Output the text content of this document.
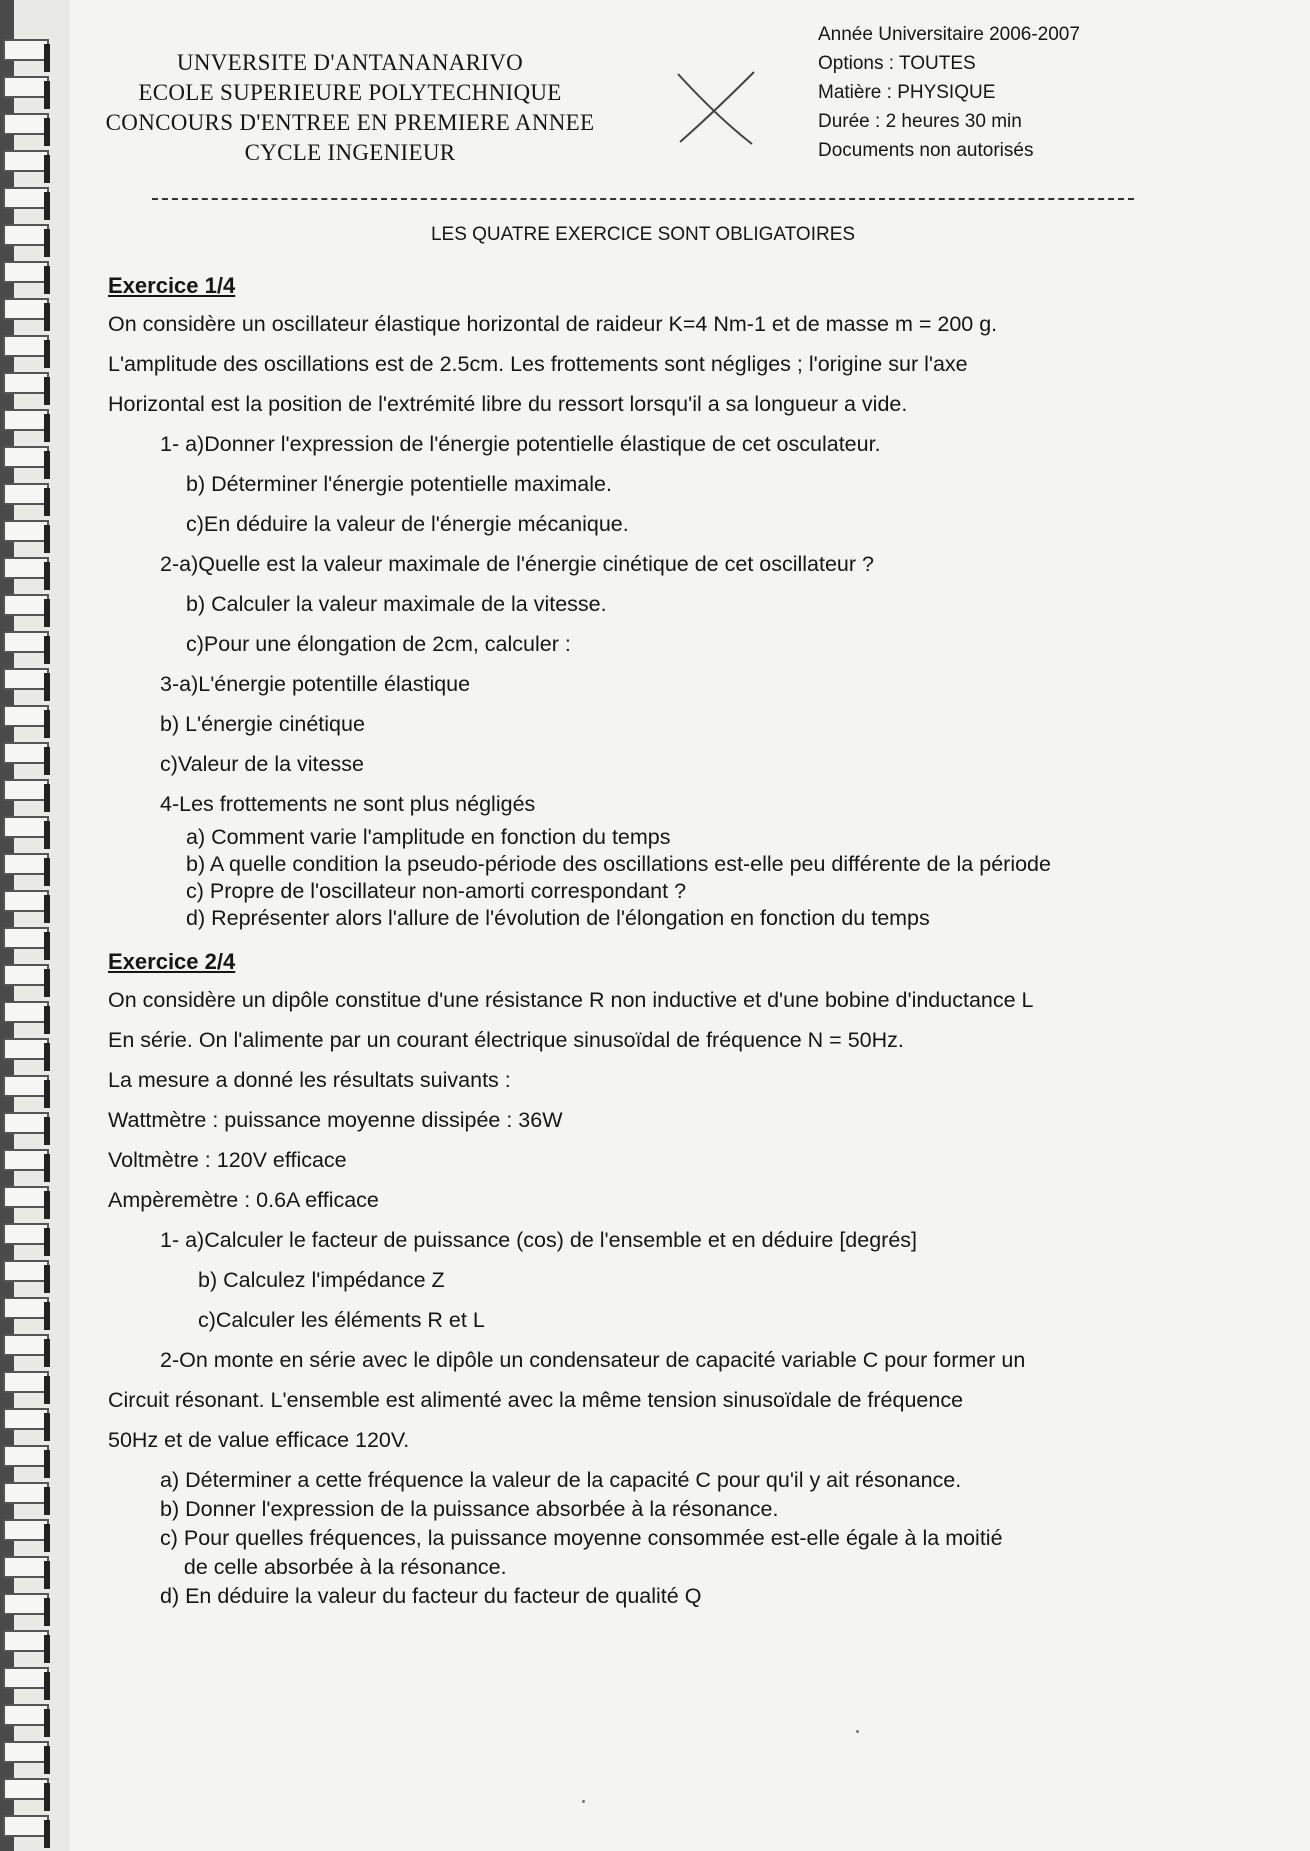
UNVERSITE D'ANTANANARIVO
ECOLE SUPERIEURE POLYTECHNIQUE
CONCOURS D'ENTREE EN PREMIERE ANNEE
CYCLE INGENIEUR
Année Universitaire 2006-2007
Options : TOUTES
Matière : PHYSIQUE
Durée : 2 heures 30 min
Documents non autorisés
LES QUATRE EXERCICE SONT OBLIGATOIRES
Exercice 1/4
On considère un oscillateur élastique horizontal de raideur K=4 Nm-1 et de masse m = 200 g.
L'amplitude des oscillations est de 2.5cm. Les frottements sont négliges ; l'origine sur l'axe
Horizontal est la position de l'extrémité libre du ressort lorsqu'il a sa longueur a vide.
1- a)Donner l'expression de l'énergie potentielle élastique de cet osculateur.
b) Déterminer l'énergie potentielle maximale.
c)En déduire la valeur de l'énergie mécanique.
2-a)Quelle est la valeur maximale de l'énergie cinétique de cet oscillateur ?
b) Calculer la valeur maximale de la vitesse.
c)Pour une élongation de 2cm, calculer :
3-a)L'énergie potentille élastique
b) L'énergie cinétique
c)Valeur de la vitesse
4-Les frottements ne sont plus négligés
a) Comment varie l'amplitude en fonction du temps
b) A quelle condition la pseudo-période des oscillations est-elle peu différente de la période
c) Propre de l'oscillateur non-amorti correspondant ?
d) Représenter alors l'allure de l'évolution de l'élongation en fonction du temps
Exercice 2/4
On considère un dipôle constitue d'une résistance R non inductive et d'une bobine d'inductance L
En série. On l'alimente par un courant électrique sinusoïdal de fréquence N = 50Hz.
La mesure a donné les résultats suivants :
Wattmètre : puissance moyenne dissipée : 36W
Voltmètre : 120V efficace
Ampèremètre : 0.6A efficace
1- a)Calculer le facteur de puissance (cos) de l'ensemble et en déduire [degrés]
b) Calculez l'impédance Z
c)Calculer les éléments R et L
2-On monte en série avec le dipôle un condensateur de capacité variable C pour former un
Circuit résonant. L'ensemble est alimenté avec la même tension sinusoïdale de fréquence
50Hz et de value efficace 120V.
a) Déterminer a cette fréquence la valeur de la capacité C pour qu'il y ait résonance.
b) Donner l'expression de la puissance absorbée à la résonance.
c) Pour quelles fréquences, la puissance moyenne consommée est-elle égale à la moitié
de celle absorbée à la résonance.
d) En déduire la valeur du facteur du facteur de qualité Q
